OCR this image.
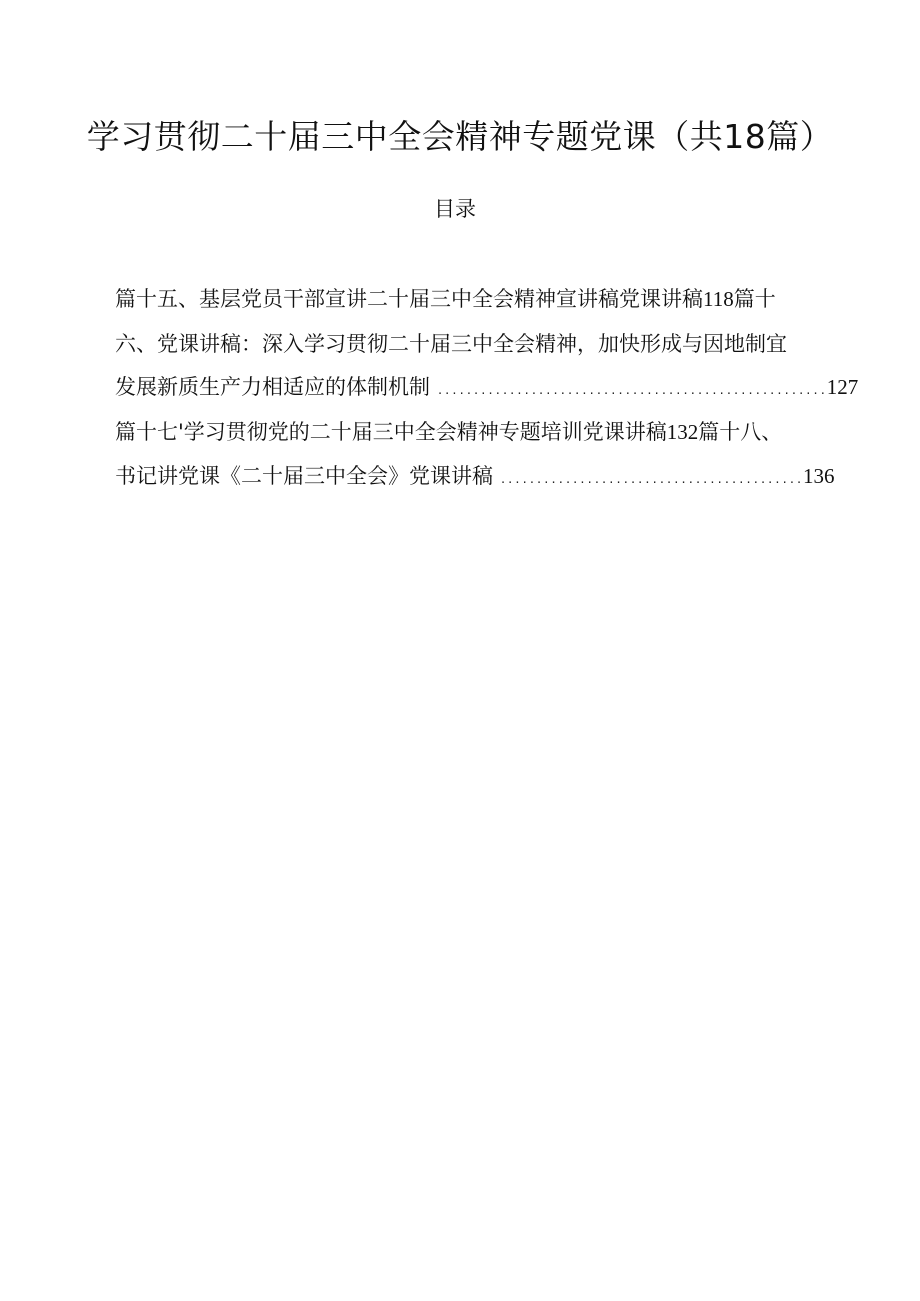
学习贯彻二十届三中全会精神专题党课（共18篇）
目录
篇十五、基层党员干部宣讲二十届三中全会精神宣讲稿党课讲稿118篇十
六、党课讲稿：深入学习贯彻二十届三中全会精神，加快形成与因地制宜
发展新质生产力相适应的体制机制 ......................................................127
篇十七'学习贯彻党的二十届三中全会精神专题培训党课讲稿132篇十八、
书记讲党课《二十届三中全会》党课讲稿 ..........................................136
